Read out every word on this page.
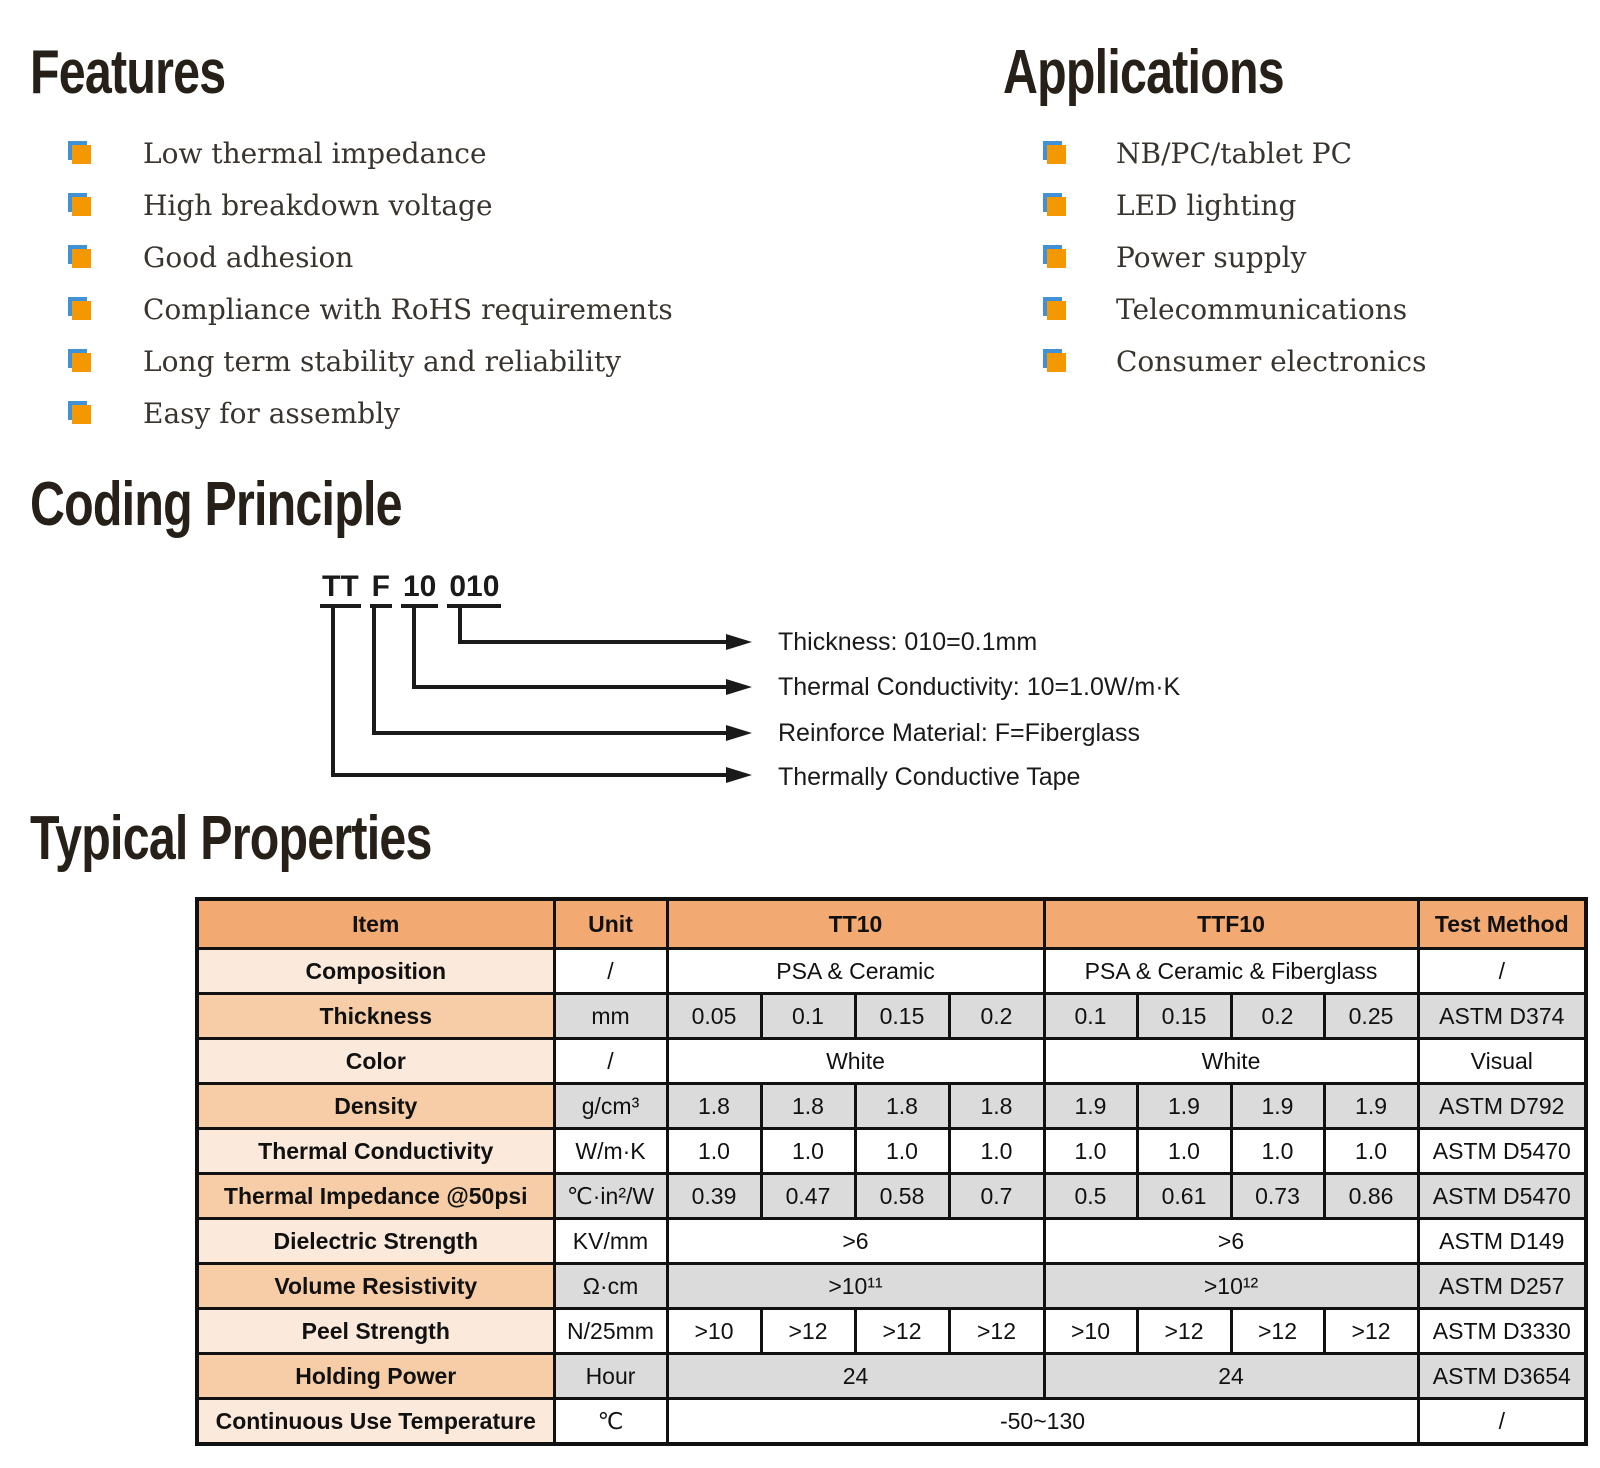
Features
Low thermal impedance
High breakdown voltage
Good adhesion
Compliance with RoHS requirements
Long term stability and reliability
Easy for assembly
Applications
NB/PC/tablet PC
LED lighting
Power supply
Telecommunications
Consumer electronics
Coding Principle
TT F 10 010
Thickness: 010=0.1mm
Thermal Conductivity: 10=1.0W/m·K
Reinforce Material: F=Fiberglass
Thermally Conductive Tape
Typical Properties
Item	Unit	TT10				TTF10				Test Method
Composition	/	PSA & Ceramic				PSA & Ceramic & Fiberglass				/
Thickness	mm	0.05	0.1	0.15	0.2	0.1	0.15	0.2	0.25	ASTM D374
Color	/	White				White				Visual
Density	g/cm³	1.8	1.8	1.8	1.8	1.9	1.9	1.9	1.9	ASTM D792
Thermal Conductivity	W/m·K	1.0	1.0	1.0	1.0	1.0	1.0	1.0	1.0	ASTM D5470
Thermal Impedance @50psi	℃·in²/W	0.39	0.47	0.58	0.7	0.5	0.61	0.73	0.86	ASTM D5470
Dielectric Strength	KV/mm	>6				>6				ASTM D149
Volume Resistivity	Ω·cm	>10¹¹				>10¹²				ASTM D257
Peel Strength	N/25mm	>10	>12	>12	>12	>10	>12	>12	>12	ASTM D3330
Holding Power	Hour	24				24				ASTM D3654
Continuous Use Temperature	℃	-50~130								/
